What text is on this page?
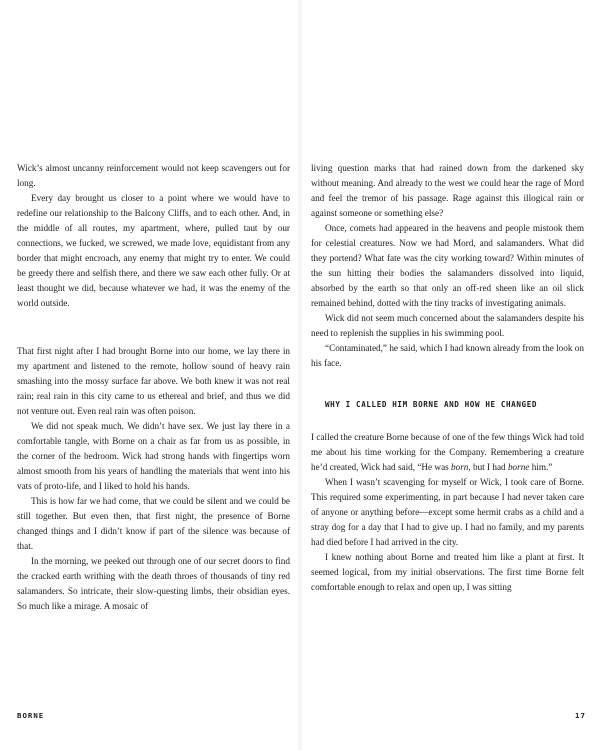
Wick’s almost uncanny reinforcement would not keep scavengers out for long.

Every day brought us closer to a point where we would have to redefine our relationship to the Balcony Cliffs, and to each other. And, in the middle of all routes, my apartment, where, pulled taut by our connections, we fucked, we screwed, we made love, equidistant from any border that might encroach, any enemy that might try to enter. We could be greedy there and selfish there, and there we saw each other fully. Or at least thought we did, because whatever we had, it was the enemy of the world outside.

That first night after I had brought Borne into our home, we lay there in my apartment and listened to the remote, hollow sound of heavy rain smashing into the mossy surface far above. We both knew it was not real rain; real rain in this city came to us ethereal and brief, and thus we did not venture out. Even real rain was often poison.

We did not speak much. We didn’t have sex. We just lay there in a comfortable tangle, with Borne on a chair as far from us as possible, in the corner of the bedroom. Wick had strong hands with fingertips worn almost smooth from his years of handling the materials that went into his vats of proto-life, and I liked to hold his hands.

This is how far we had come, that we could be silent and we could be still together. But even then, that first night, the presence of Borne changed things and I didn’t know if part of the silence was because of that.

In the morning, we peeked out through one of our secret doors to find the cracked earth writhing with the death throes of thousands of tiny red salamanders. So intricate, their slow-questing limbs, their obsidian eyes. So much like a mirage. A mosaic of

living question marks that had rained down from the darkened sky without meaning. And already to the west we could hear the rage of Mord and feel the tremor of his passage. Rage against this illogical rain or against someone or something else?

Once, comets had appeared in the heavens and people mistook them for celestial creatures. Now we had Mord, and salamanders. What did they portend? What fate was the city working toward? Within minutes of the sun hitting their bodies the salamanders dissolved into liquid, absorbed by the earth so that only an off-red sheen like an oil slick remained behind, dotted with the tiny tracks of investigating animals.

Wick did not seem much concerned about the salamanders despite his need to replenish the supplies in his swimming pool.

“Contaminated,” he said, which I had known already from the look on his face.

WHY I CALLED HIM BORNE AND HOW HE CHANGED

I called the creature Borne because of one of the few things Wick had told me about his time working for the Company. Remembering a creature he’d created, Wick had said, “He was born, but I had borne him.”

When I wasn’t scavenging for myself or Wick, I took care of Borne. This required some experimenting, in part because I had never taken care of anyone or anything before—except some hermit crabs as a child and a stray dog for a day that I had to give up. I had no family, and my parents had died before I had arrived in the city.

I knew nothing about Borne and treated him like a plant at first. It seemed logical, from my initial observations. The first time Borne felt comfortable enough to relax and open up, I was sitting

BORNE	17
